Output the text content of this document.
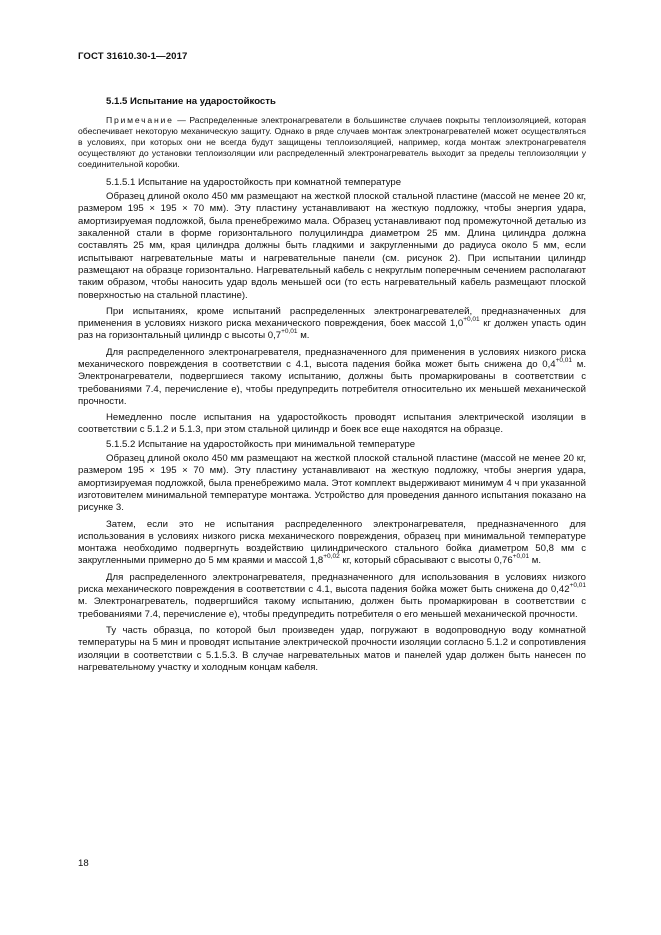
ГОСТ 31610.30-1—2017
5.1.5 Испытание на ударостойкость

Примечание — Распределенные электронагреватели в большинстве случаев покрыты теплоизоляцией, которая обеспечивает некоторую механическую защиту. Однако в ряде случаев монтаж электронагревателей может осуществляться в условиях, при которых они не всегда будут защищены теплоизоляцией, например, когда монтаж электронагревателя осуществляют до установки теплоизоляции или распределенный электронагреватель выходит за пределы теплоизоляции у соединительной коробки.

5.1.5.1 Испытание на ударостойкость при комнатной температуре

Образец длиной около 450 мм размещают на жесткой плоской стальной пластине (массой не менее 20 кг, размером 195 × 195 × 70 мм). Эту пластину устанавливают на жесткую подложку, чтобы энергия удара, амортизируемая подложкой, была пренебрежимо мала. Образец устанавливают под промежуточной деталью из закаленной стали в форме горизонтального полуцилиндра диаметром 25 мм. Длина цилиндра должна составлять 25 мм, края цилиндра должны быть гладкими и закругленными до радиуса около 5 мм, если испытывают нагревательные маты и нагревательные панели (см. рисунок 2). При испытании цилиндр размещают на образце горизонтально. Нагревательный кабель с некруглым поперечным сечением располагают таким образом, чтобы наносить удар вдоль меньшей оси (то есть нагревательный кабель размещают плоской поверхностью на стальной пластине).

При испытаниях, кроме испытаний распределенных электронагревателей, предназначенных для применения в условиях низкого риска механического повреждения, боек массой $1,0^{+0,01}$ кг должен упасть один раз на горизонтальный цилиндр с высоты $0,7^{+0,01}$ м.

Для распределенного электронагревателя, предназначенного для применения в условиях низкого риска механического повреждения в соответствии с 4.1, высота падения бойка может быть снижена до $0,4^{+0,01}$ м. Электронагреватели, подвергшиеся такому испытанию, должны быть промаркированы в соответствии с требованиями 7.4, перечисление е), чтобы предупредить потребителя относительно их меньшей механической прочности.

Немедленно после испытания на ударостойкость проводят испытания электрической изоляции в соответствии с 5.1.2 и 5.1.3, при этом стальной цилиндр и боек все еще находятся на образце.

5.1.5.2 Испытание на ударостойкость при минимальной температуре

Образец длиной около 450 мм размещают на жесткой плоской стальной пластине (массой не менее 20 кг, размером 195 × 195 × 70 мм). Эту пластину устанавливают на жесткую подложку, чтобы энергия удара, амортизируемая подложкой, была пренебрежимо мала. Этот комплект выдерживают минимум 4 ч при указанной изготовителем минимальной температуре монтажа. Устройство для проведения данного испытания показано на рисунке 3.

Затем, если это не испытания распределенного электронагревателя, предназначенного для использования в условиях низкого риска механического повреждения, образец при минимальной температуре монтажа необходимо подвергнуть воздействию цилиндрического стального бойка диаметром 50,8 мм с закругленными примерно до 5 мм краями и массой $1,8^{+0,02}$ кг, который сбрасывают с высоты $0,76^{+0,01}$ м.

Для распределенного электронагревателя, предназначенного для использования в условиях низкого риска механического повреждения в соответствии с 4.1, высота падения бойка может быть снижена до $0,42^{+0,01}$ м. Электронагреватель, подвергшийся такому испытанию, должен быть промаркирован в соответствии с требованиями 7.4, перечисление е), чтобы предупредить потребителя о его меньшей механической прочности.

Ту часть образца, по которой был произведен удар, погружают в водопроводную воду комнатной температуры на 5 мин и проводят испытание электрической прочности изоляции согласно 5.1.2 и сопротивления изоляции в соответствии с 5.1.5.3. В случае нагревательных матов и панелей удар должен быть нанесен по нагревательному участку и холодным концам кабеля.

18
